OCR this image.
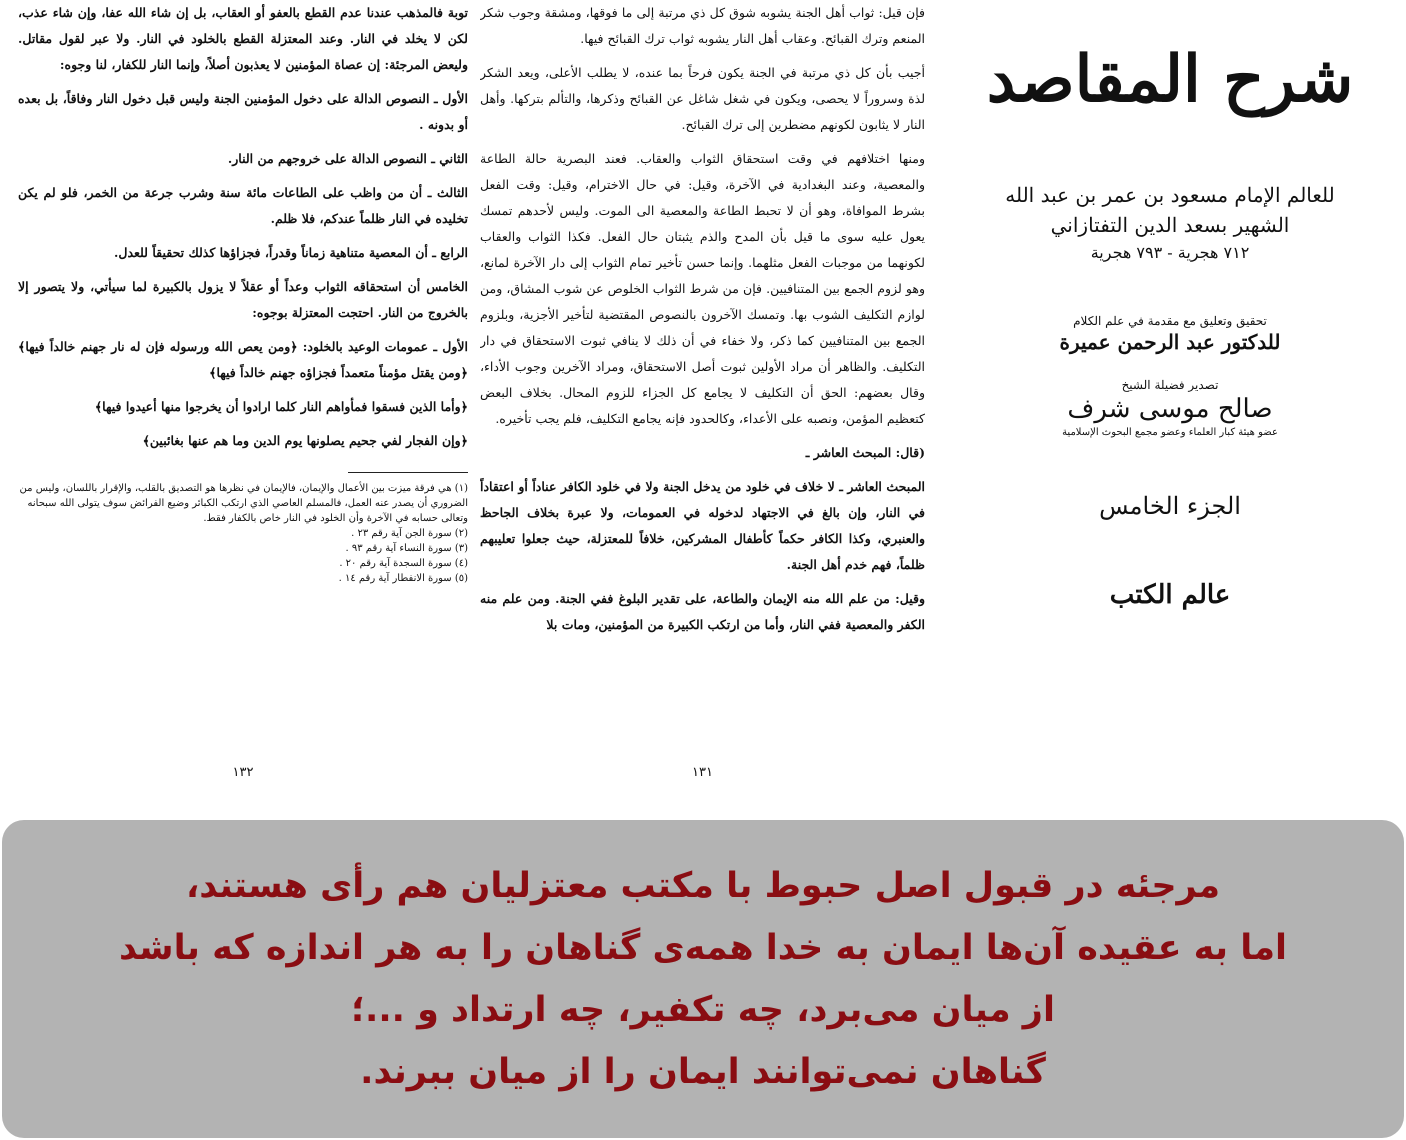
توبة فالمذهب عندنا عدم القطع بالعفو أو العقاب، بل إن شاء الله عفا، وإن شاء عذب، لكن لا يخلد في النار. وعند المعتزلة القطع بالخلود في النار. ولا عبر لقول مقاتل. وليعض المرجئة: إن عصاة المؤمنين لا يعذبون أصلاً، وإنما النار للكفار، لنا وجوه:

الأول ـ النصوص الدالة على دخول المؤمنين الجنة وليس قبل دخول النار وفاقاً، بل بعده أو بدونه .

الثاني ـ النصوص الدالة على خروجهم من النار.

الثالث ـ أن من واظب على الطاعات مائة سنة وشرب جرعة من الخمر، فلو لم يكن تخليده في النار ظلماً عندكم، فلا ظلم.

الرابع ـ أن المعصية متناهية زماناً وقدراً، فجزاؤها كذلك تحقيقاً للعدل.

الخامس أن استحقاقه الثواب وعداً أو عقلاً لا يزول بالكبيرة لما سيأتي، ولا يتصور إلا بالخروج من النار. احتجت المعتزلة بوجوه:

الأول ـ عمومات الوعيد بالخلود: ﴿ومن يعص الله ورسوله فإن له نار جهنم خالداً فيها﴾ ﴿ومن يقتل مؤمناً متعمداً فجزاؤه جهنم خالداً فيها﴾

﴿وأما الذين فسقوا فمأواهم النار كلما ارادوا أن يخرجوا منها أعيدوا فيها﴾

﴿وإن الفجار لفي جحيم يصلونها يوم الدين وما هم عنها بغائبين﴾

(١) هي فرقة ميزت بين الأعمال والإيمان، فالإيمان في نظرها هو التصديق بالقلب، والإقرار باللسان، وليس من الضروري أن يصدر عنه العمل، فالمسلم العاصي الذي ارتكب الكبائر وضيع الفرائض سوف يتولى الله سبحانه وتعالى حسابه في الآخرة وأن الخلود في النار خاص بالكفار فقط.

(٢) سورة الجن آية رقم ٢٣ .

(٣) سورة النساء آية رقم ٩٣ .

(٤) سورة السجدة آية رقم ٢٠ .

(٥) سورة الانفطار آية رقم ١٤ .

١٣٢

فإن قيل: ثواب أهل الجنة يشوبه شوق كل ذي مرتبة إلى ما فوقها، ومشقة وجوب شكر المنعم وترك القبائح. وعقاب أهل النار يشوبه ثواب ترك القبائح فيها.

أجيب بأن كل ذي مرتبة في الجنة يكون فرحاً بما عنده، لا يطلب الأعلى، ويعد الشكر لذة وسروراً لا يحصى، ويكون في شغل شاغل عن القبائح وذكرها، والتألم بتركها. وأهل النار لا يثابون لكونهم مضطرين إلى ترك القبائح.

ومنها اختلافهم في وقت استحقاق الثواب والعقاب. فعند البصرية حالة الطاعة والمعصية، وعند البغدادية في الآخرة، وقيل: في حال الاخترام، وقيل: وقت الفعل بشرط الموافاة، وهو أن لا تحبط الطاعة والمعصية الى الموت. وليس لأحدهم تمسك يعول عليه سوى ما قيل بأن المدح والذم يثبتان حال الفعل. فكذا الثواب والعقاب لكونهما من موجبات الفعل مثلهما. وإنما حسن تأخير تمام الثواب إلى دار الآخرة لمانع، وهو لزوم الجمع بين المتنافيين. فإن من شرط الثواب الخلوص عن شوب المشاق، ومن لوازم التكليف الشوب بها. وتمسك الآخرون بالنصوص المقتضية لتأخير الأجزية، وبلزوم الجمع بين المتنافيين كما ذكر، ولا خفاء في أن ذلك لا ينافي ثبوت الاستحقاق في دار التكليف. والظاهر أن مراد الأولين ثبوت أصل الاستحقاق، ومراد الآخرين وجوب الأداء، وقال بعضهم: الحق أن التكليف لا يجامع كل الجزاء للزوم المحال. بخلاف البعض كتعظيم المؤمن، ونصبه على الأعداء، وكالحدود فإنه يجامع التكليف، فلم يجب تأخيره.

(قال: المبحث العاشر ـ

المبحث العاشر ـ لا خلاف في خلود من يدخل الجنة ولا في خلود الكافر عناداً أو اعتقاداً في النار، وإن بالغ في الاجتهاد لدخوله في العمومات، ولا عبرة بخلاف الجاحظ والعنبري، وكذا الكافر حكماً كأطفال المشركين، خلافاً للمعتزلة، حيث جعلوا تعليبهم ظلماً، فهم خدم أهل الجنة.

وقيل: من علم الله منه الإيمان والطاعة، على تقدير البلوغ ففي الجنة. ومن علم منه الكفر والمعصية ففي النار، وأما من ارتكب الكبيرة من المؤمنين، ومات بلا

١٣١
شرح المقاصد

للعالم الإمام مسعود بن عمر بن عبد الله

الشهير بسعد الدين التفتازاني

٧١٢ هجرية - ٧٩٣ هجرية

تحقيق وتعليق مع مقدمة في علم الكلام

للدكتور عبد الرحمن عميرة

تصدير فضيلة الشيخ

صالح موسى شرف

عضو هيئة كبار العلماء وعضو مجمع البحوث الإسلامية

الجزء الخامس

عالم الكتب
مرجئه در قبول اصل حبوط با مکتب معتزلیان هم رأی هستند،
اما به عقیده آن‌ها ایمان به خدا همه‌ی گناهان را به هر اندازه که باشد
از میان می‌برد، چه تکفیر، چه ارتداد و ...؛
گناهان نمی‌توانند ایمان را از میان ببرند.
